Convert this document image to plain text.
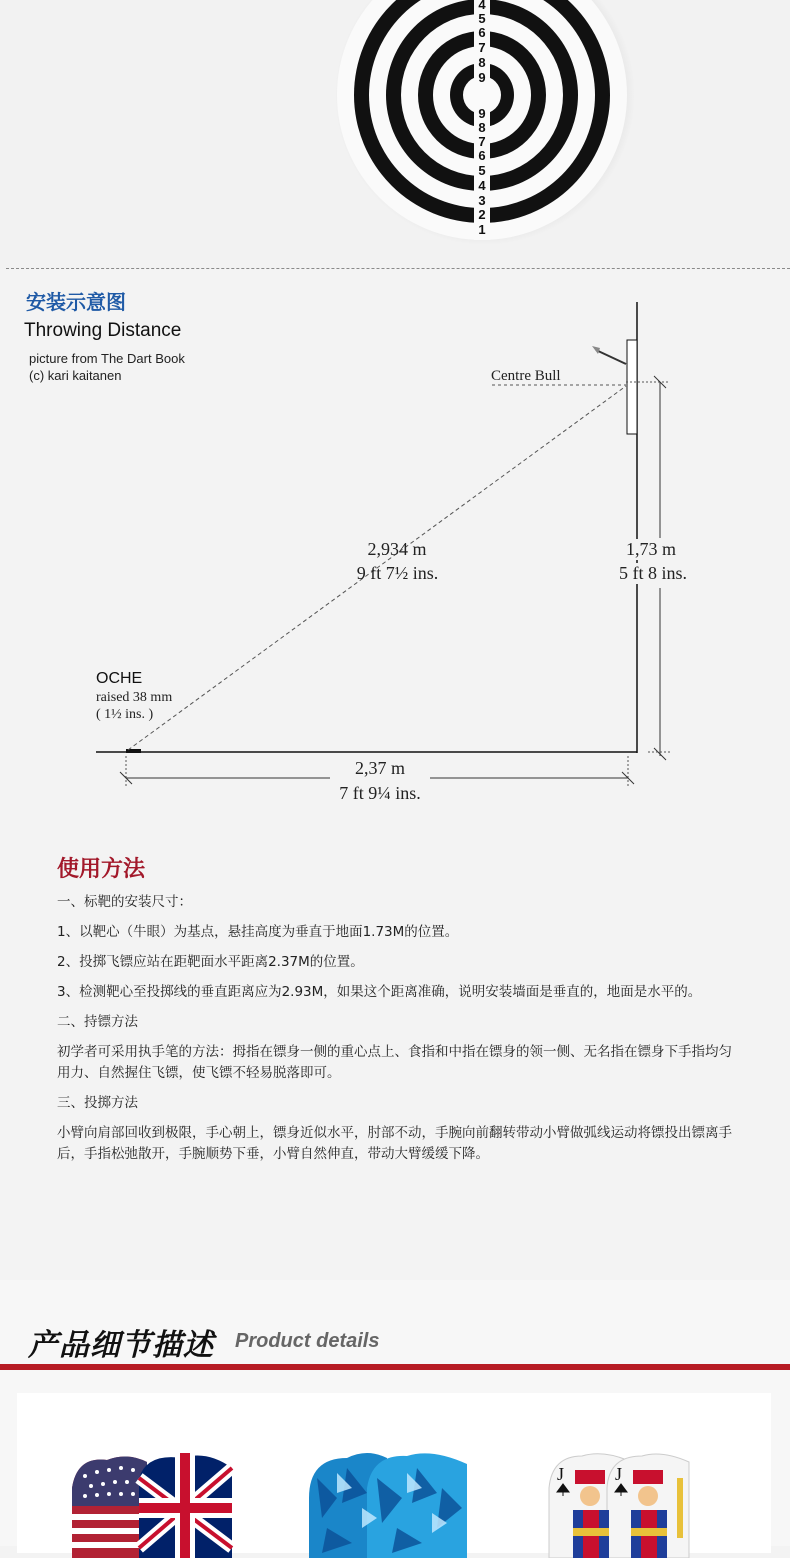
4
5
6
7
8
9
9
8
7
6
5
4
3
2
1
安装示意图
Throwing Distance
picture from The Dart Book
(c) kari kaitanen	Centre Bull
2,934 m
9 ft 7½ ins.
1,73 m
5 ft 8 ins.
OCHE
raised 38 mm
( 1½ ins. )
2,37 m
7 ft 9¼ ins.
使用方法

一、标靶的安装尺寸：

1、以靶心（牛眼）为基点，悬挂高度为垂直于地面1.73M的位置。

2、投掷飞镖应站在距靶面水平距离2.37M的位置。

3、检测靶心至投掷线的垂直距离应为2.93M，如果这个距离准确，说明安装墙面是垂直的，地面是水平的。

二、持镖方法

初学者可采用执手笔的方法：拇指在镖身一侧的重心点上、食指和中指在镖身的领一侧、无名指在镖身下手指均匀用力、自然握住飞镖，使飞镖不轻易脱落即可。

三、投掷方法

小臂向肩部回收到极限，手心朝上，镖身近似水平，肘部不动，手腕向前翻转带动小臂做弧线运动将镖投出镖离手后，手指松弛散开，手腕顺势下垂，小臂自然伸直，带动大臂缓缓下降。

产品细节描述 Product details
J	J
